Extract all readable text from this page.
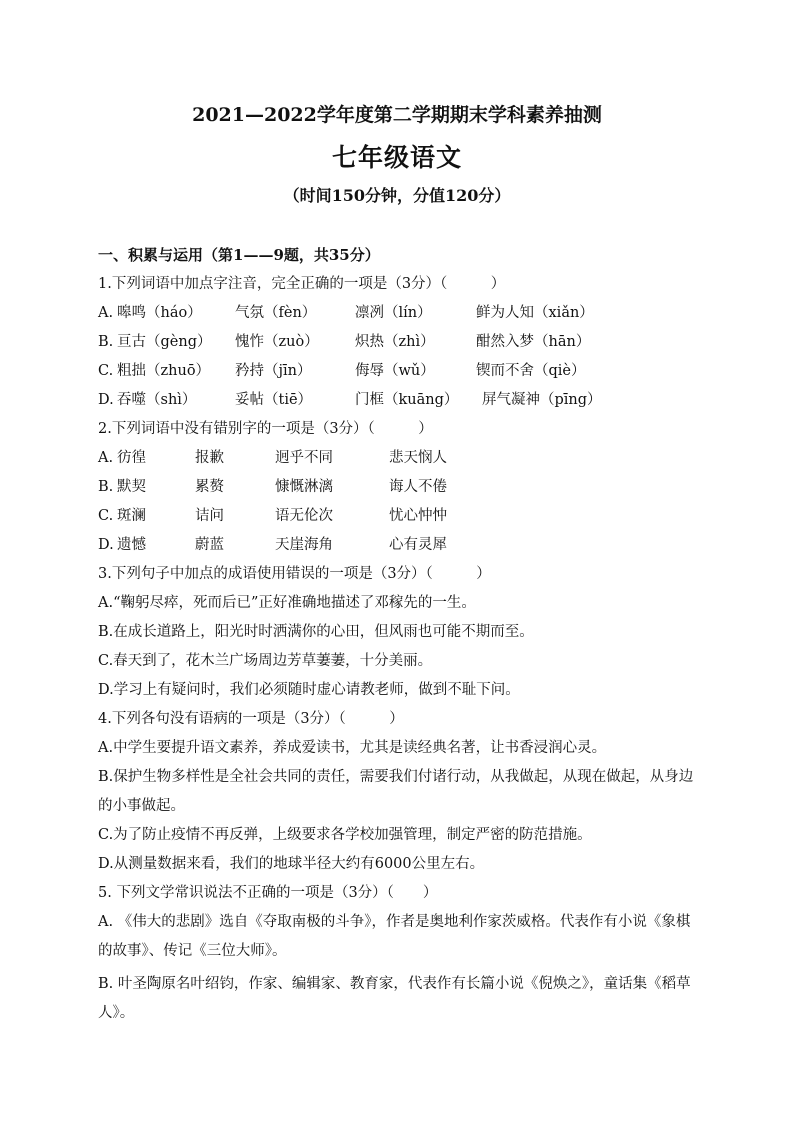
2021—2022学年度第二学期期末学科素养抽测
七年级语文
（时间150分钟，分值120分）
一、积累与运用（第1——9题，共35分）
1.下列词语中加点字注音，完全正确的一项是（3分）（　　　）
A. 嗥鸣（háo） 气氛（fèn）	凛冽（lín）	鲜为人知（xiǎn）
B. 亘古（gèng） 愧怍（zuò）	炽热（zhì）	酣然入梦（hān）
C. 粗拙（zhuō） 矜持（jīn）	侮辱（wǔ）	锲而不舍（qiè）
D. 吞噬（shì）	妥帖（tiē）	门框（kuāng） 屏气凝神（pīng）
2.下列词语中没有错别字的一项是（3分）（　　　）
A. 彷徨	报歉	迥乎不同	悲天悯人
B. 默契	累赘	慷慨淋漓	诲人不倦
C. 斑澜	诘问	语无伦次	忧心忡忡
D. 遗憾	蔚蓝	天崖海角	心有灵犀
3.下列句子中加点的成语使用错误的一项是（3分）（　　　）
A.“鞠躬尽瘁，死而后已”正好准确地描述了邓稼先的一生。
B.在成长道路上，阳光时时洒满你的心田，但风雨也可能不期而至。
C.春天到了，花木兰广场周边芳草萋萋，十分美丽。
D.学习上有疑问时，我们必须随时虚心请教老师，做到不耻下问。
4.下列各句没有语病的一项是（3分）（　　　）
A.中学生要提升语文素养，养成爱读书，尤其是读经典名著，让书香浸润心灵。
B.保护生物多样性是全社会共同的责任，需要我们付诸行动，从我做起，从现在做起，从身边的小事做起。
C.为了防止疫情不再反弹，上级要求各学校加强管理，制定严密的防范措施。
D.从测量数据来看，我们的地球半径大约有6000公里左右。
5. 下列文学常识说法不正确的一项是（3分）（　　）
A. 《伟大的悲剧》选自《夺取南极的斗争》，作者是奥地利作家茨威格。代表作有小说《象棋的故事》、传记《三位大师》。
B. 叶圣陶原名叶绍钧，作家、编辑家、教育家，代表作有长篇小说《倪焕之》，童话集《稻草人》。
